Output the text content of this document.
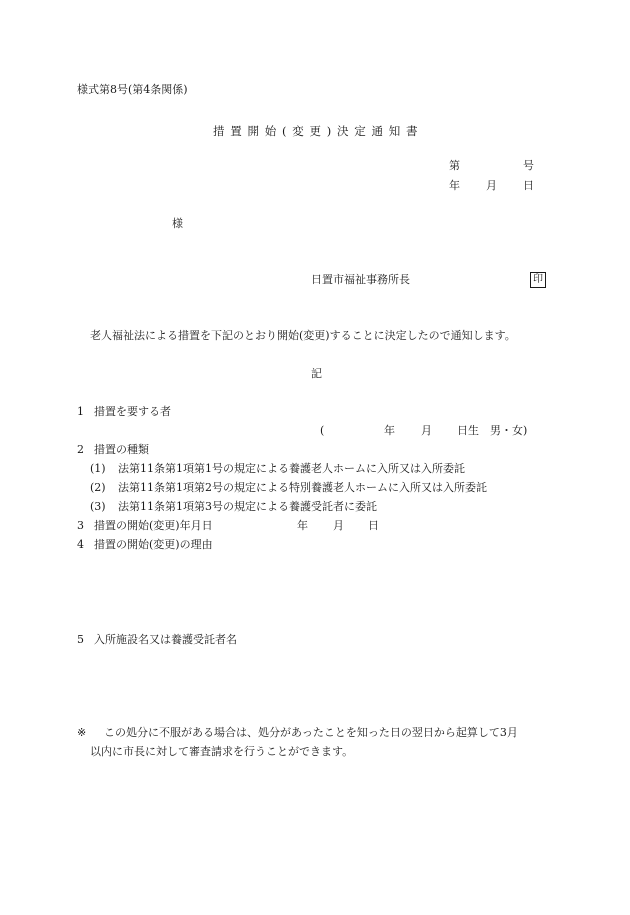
様式第8号(第4条関係)
措置開始(変更)決定通知書
第	号
年 月 日
様
日置市福祉事務所長	印
老人福祉法による措置を下記のとおり開始(変更)することに決定したので通知します。
記
1 措置を要する者
(	年 月 日生 男・女)
2 措置の種類
(1) 法第11条第1項第1号の規定による養護老人ホームに入所又は入所委託
(2) 法第11条第1項第2号の規定による特別養護老人ホームに入所又は入所委託
(3) 法第11条第1項第3号の規定による養護受託者に委託
3 措置の開始(変更)年月日	年 月 日
4 措置の開始(変更)の理由
5 入所施設名又は養護受託者名
※ この処分に不服がある場合は、処分があったことを知った日の翌日から起算して3月
以内に市長に対して審査請求を行うことができます。
